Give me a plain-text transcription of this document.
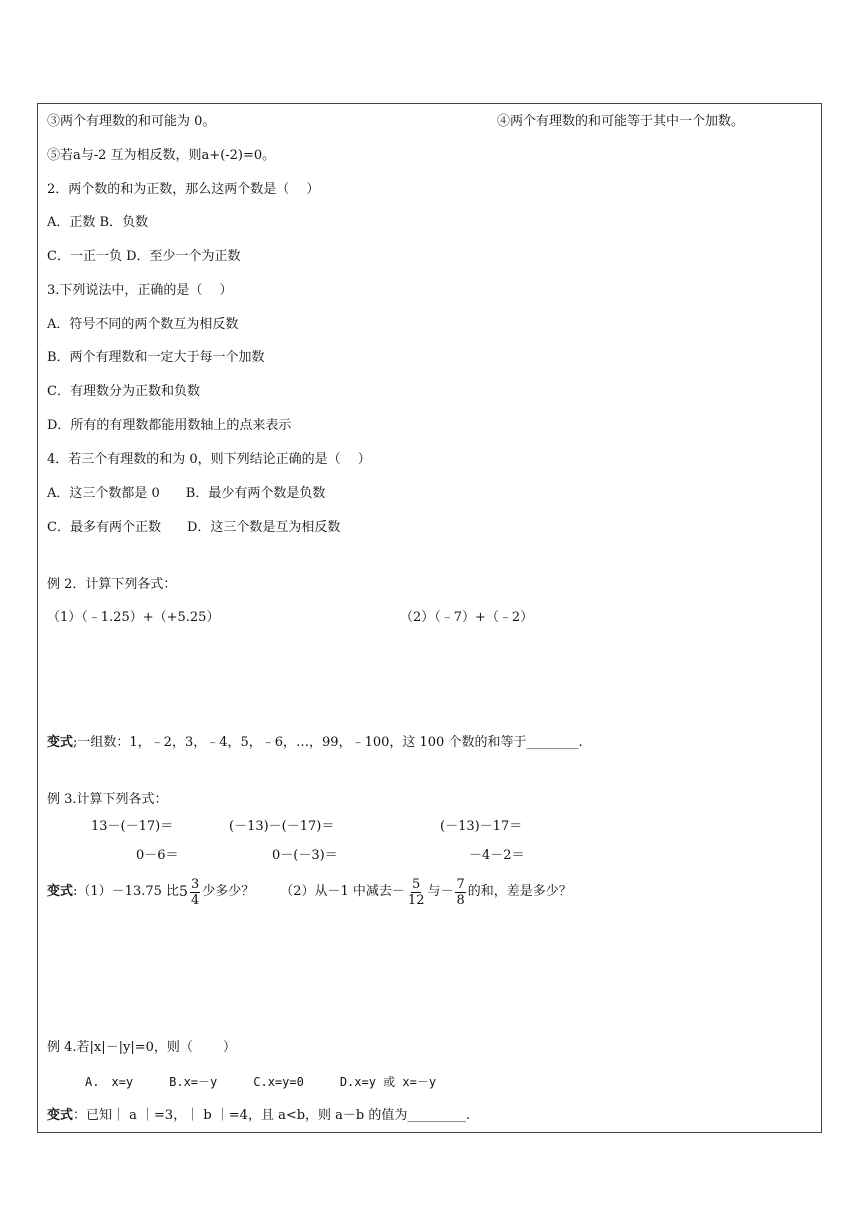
③两个有理数的和可能为 0。	④两个有理数的和可能等于其中一个加数。
⑤若a与-2 互为相反数，则a+(-2)=0。
2．两个数的和为正数，那么这两个数是（　 ）
A．正数 B．负数
C．一正一负 D．至少一个为正数
3.下列说法中，正确的是（　 ）
A．符号不同的两个数互为相反数
B．两个有理数和一定大于每一个加数
C．有理数分为正数和负数
D．所有的有理数都能用数轴上的点来表示
4．若三个有理数的和为 0，则下列结论正确的是（　 ）
A．这三个数都是 0　　B．最少有两个数是负数
C．最多有两个正数　　D．这三个数是互为相反数
例 2．计算下列各式：
（1）（﹣1.25）+（+5.25）	（2）（﹣7）+（﹣2）
变式;一组数：1，﹣2，3，﹣4，5，﹣6，…，99，﹣100，这 100 个数的和等于________.
例 3.计算下列各式：
13－(－17)＝	(－13)－(－17)＝	(－13)－17＝
0－6＝	0－(－3)＝	－4－2＝
变式 :（1）－13.75 比 $5 \frac{3}{4}$ 少多少？ （2）从－1 中减去－ $\frac{5}{12}$ 与－ $\frac{7}{8}$ 的和，差是多少？
例 4.若|x|－|y|=0，则（　　 ）
A.　x=y　　　B.x=－y　　　C.x=y=0　　　D.x=y 或 x=－y
变式：已知｜ a ｜=3，｜ b ｜=4，且 a<b，则 a－b 的值为_________.
